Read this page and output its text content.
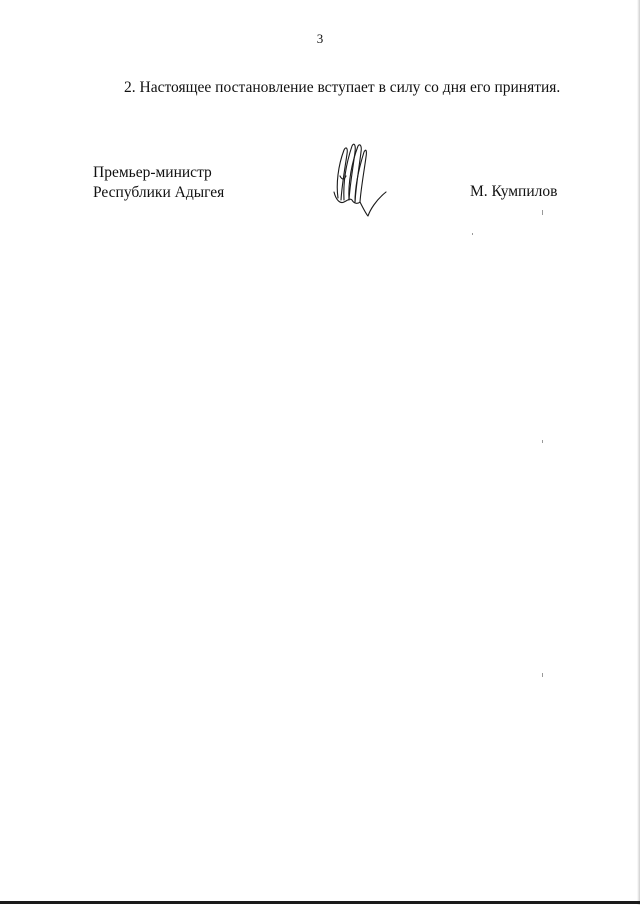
3
2. Настоящее постановление вступает в силу со дня его принятия.
Премьер-министр
Республики Адыгея	М. Кумпилов
